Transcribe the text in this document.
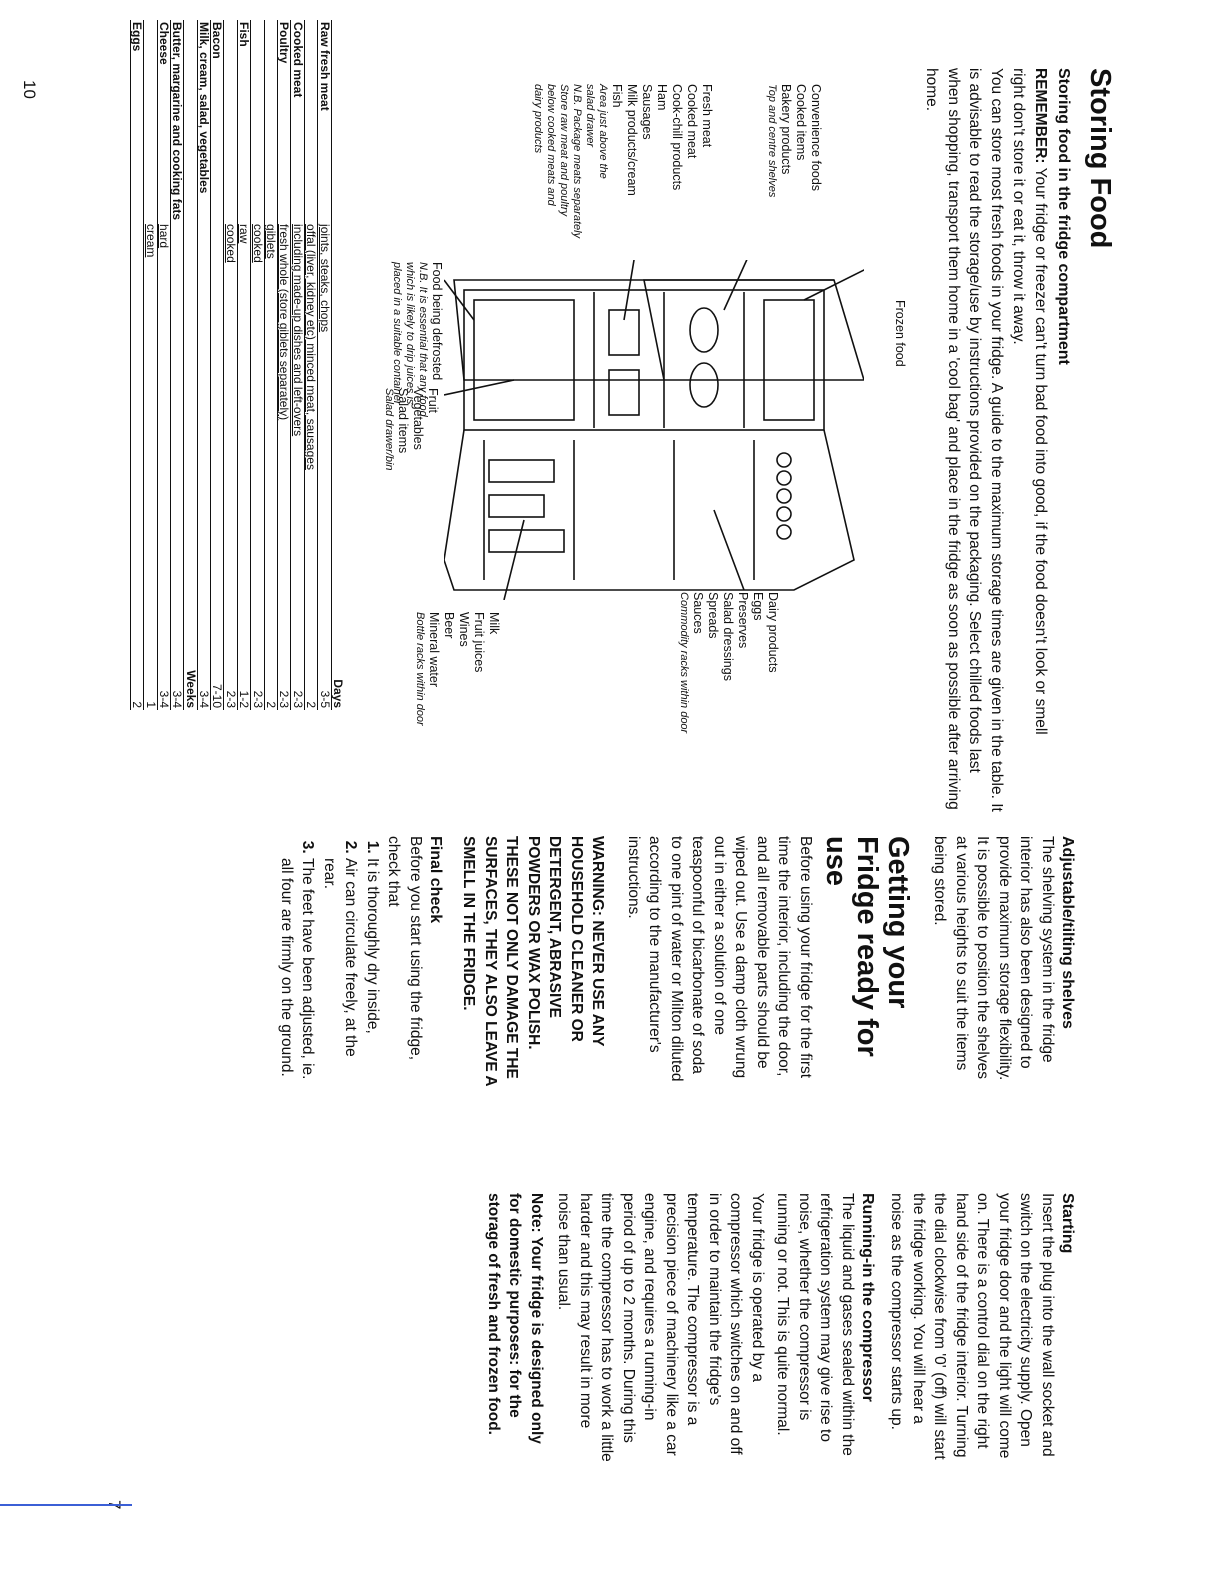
Storing Food
Storing food in the fridge compartment
REMEMBER: Your fridge or freezer can't turn bad food into good, if the food doesn't look or smell right don't store it or eat it, throw it away.
You can store most fresh foods in your fridge. A guide to the maximum storage times are given in the table. It is advisable to read the storage/use by instructions provided on the packaging. Select chilled foods last when shopping, transport them home in a 'cool bag' and place in the fridge as soon as possible after arriving home.
Frozen food
Convenience foods
Cooked items
Bakery products
Top and centre shelves
Fresh meat
Cooked meat
Cook-chill products
Ham
Sausages
Milk products/cream
Fish
Area just above the
salad drawer
N.B. Package meats separately
Store raw meat and poultry
below cooked meats and
dairy products
Food being defrosted
N.B. It is essential that any food
which is likely to drip juices is
placed in a suitable container Fruit
Vegetables
Salad items
Salad drawer/bin
Dairy products
Eggs
Preserves
Salad dressings
Spreads
Sauces
Commodity racks within door
Milk
Fruit juices
Wines
Beer
Mineral water
Bottle racks within door
		Days
Raw fresh meat	joints, steaks, chops	3-5
	offal (liver, kidney etc) minced meat, sausages	2
Cooked meat	including made-up dishes and left-overs	2-3
Poultry	fresh whole (store giblets separately)	2-3
	giblets	2
	cooked	2-3
Fish	raw	1-2
	cooked	2-3
Bacon		7-10
Milk, cream, salad, vegetables		3-4
		Weeks
Butter, margarine and cooking fats		3-4
Cheese	hard	3-4
	cream	1
Eggs		2
10
Adjustable/tilting shelves
The shelving system in the fridge interior has also been designed to provide maximum storage flexibility. It is possible to position the shelves at various heights to suit the items being stored.
Getting your Fridge ready for use
Before using your fridge for the first time the interior, including the door, and all removable parts should be wiped out. Use a damp cloth wrung out in either a solution of one teaspoonful of bicarbonate of soda to one pint of water or Milton diluted according to the manufacturer's instructions.
WARNING: NEVER USE ANY HOUSEHOLD CLEANER OR DETERGENT, ABRASIVE POWDERS OR WAX POLISH. THESE NOT ONLY DAMAGE THE SURFACES, THEY ALSO LEAVE A SMELL IN THE FRIDGE.
Final check
Before you start using the fridge, check that
1. It is thoroughly dry inside,
2. Air can circulate freely, at the rear.
3. The feet have been adjusted, ie. all four are firmly on the ground.
Starting
Insert the plug into the wall socket and switch on the electricity supply. Open your fridge door and the light will come on. There is a control dial on the right hand side of the fridge interior. Turning the dial clockwise from '0' (off) will start the fridge working. You will hear a noise as the compressor starts up.
Running-in the compressor
The liquid and gases sealed within the refrigeration system may give rise to noise, whether the compressor is running or not. This is quite normal.
Your fridge is operated by a compressor which switches on and off in order to maintain the fridge's temperature. The compressor is a precision piece of machinery like a car engine, and requires a running-in period of up to 2 months. During this time the compressor has to work a little harder and this may result in more noise than usual.
Note: Your fridge is designed only for domestic purposes: for the storage of fresh and frozen food.
